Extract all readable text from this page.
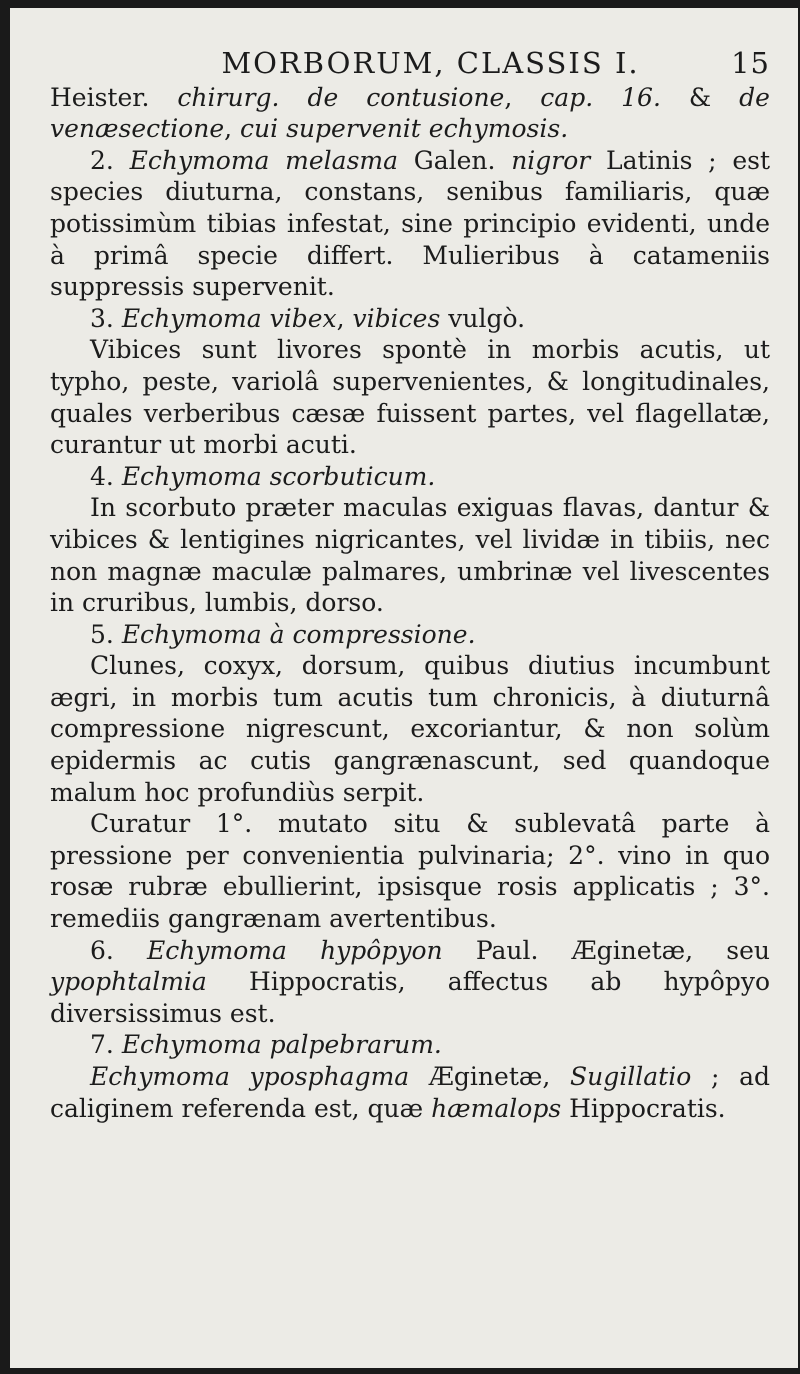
MORBORUM, CLASSIS I.	15

Heister. chirurg. de contusione, cap. 16. & de venæsectione, cui supervenit echymosis.

2. Echymoma melasma Galen. nigror Latinis ; est species diuturna, constans, senibus familiaris, quæ potissimùm tibias infestat, sine principio evidenti, unde à primâ specie differt. Mulieribus à catameniis suppressis supervenit.

3. Echymoma vibex, vibices vulgò.

Vibices sunt livores spontè in morbis acutis, ut typho, peste, variolâ supervenientes, & longitudinales, quales verberibus cæsæ fuissent partes, vel flagellatæ, curantur ut morbi acuti.

4. Echymoma scorbuticum.

In scorbuto præter maculas exiguas flavas, dantur & vibices & lentigines nigricantes, vel lividæ in tibiis, nec non magnæ maculæ palmares, umbrinæ vel livescentes in cruribus, lumbis, dorso.

5. Echymoma à compressione.

Clunes, coxyx, dorsum, quibus diutius incumbunt ægri, in morbis tum acutis tum chronicis, à diuturnâ compressione nigrescunt, excoriantur, & non solùm epidermis ac cutis gangrænascunt, sed quandoque malum hoc profundiùs serpit.

Curatur 1°. mutato situ & sublevatâ parte à pressione per convenientia pulvinaria; 2°. vino in quo rosæ rubræ ebullierint, ipsisque rosis applicatis ; 3°. remediis gangrænam avertentibus.

6. Echymoma hypôpyon Paul. Æginetæ, seu ypophtalmia Hippocratis, affectus ab hypôpyo diversissimus est.

7. Echymoma palpebrarum.

Echymoma yposphagma Æginetæ, Sugillatio ; ad caliginem referenda est, quæ hæmalops Hippocratis.
